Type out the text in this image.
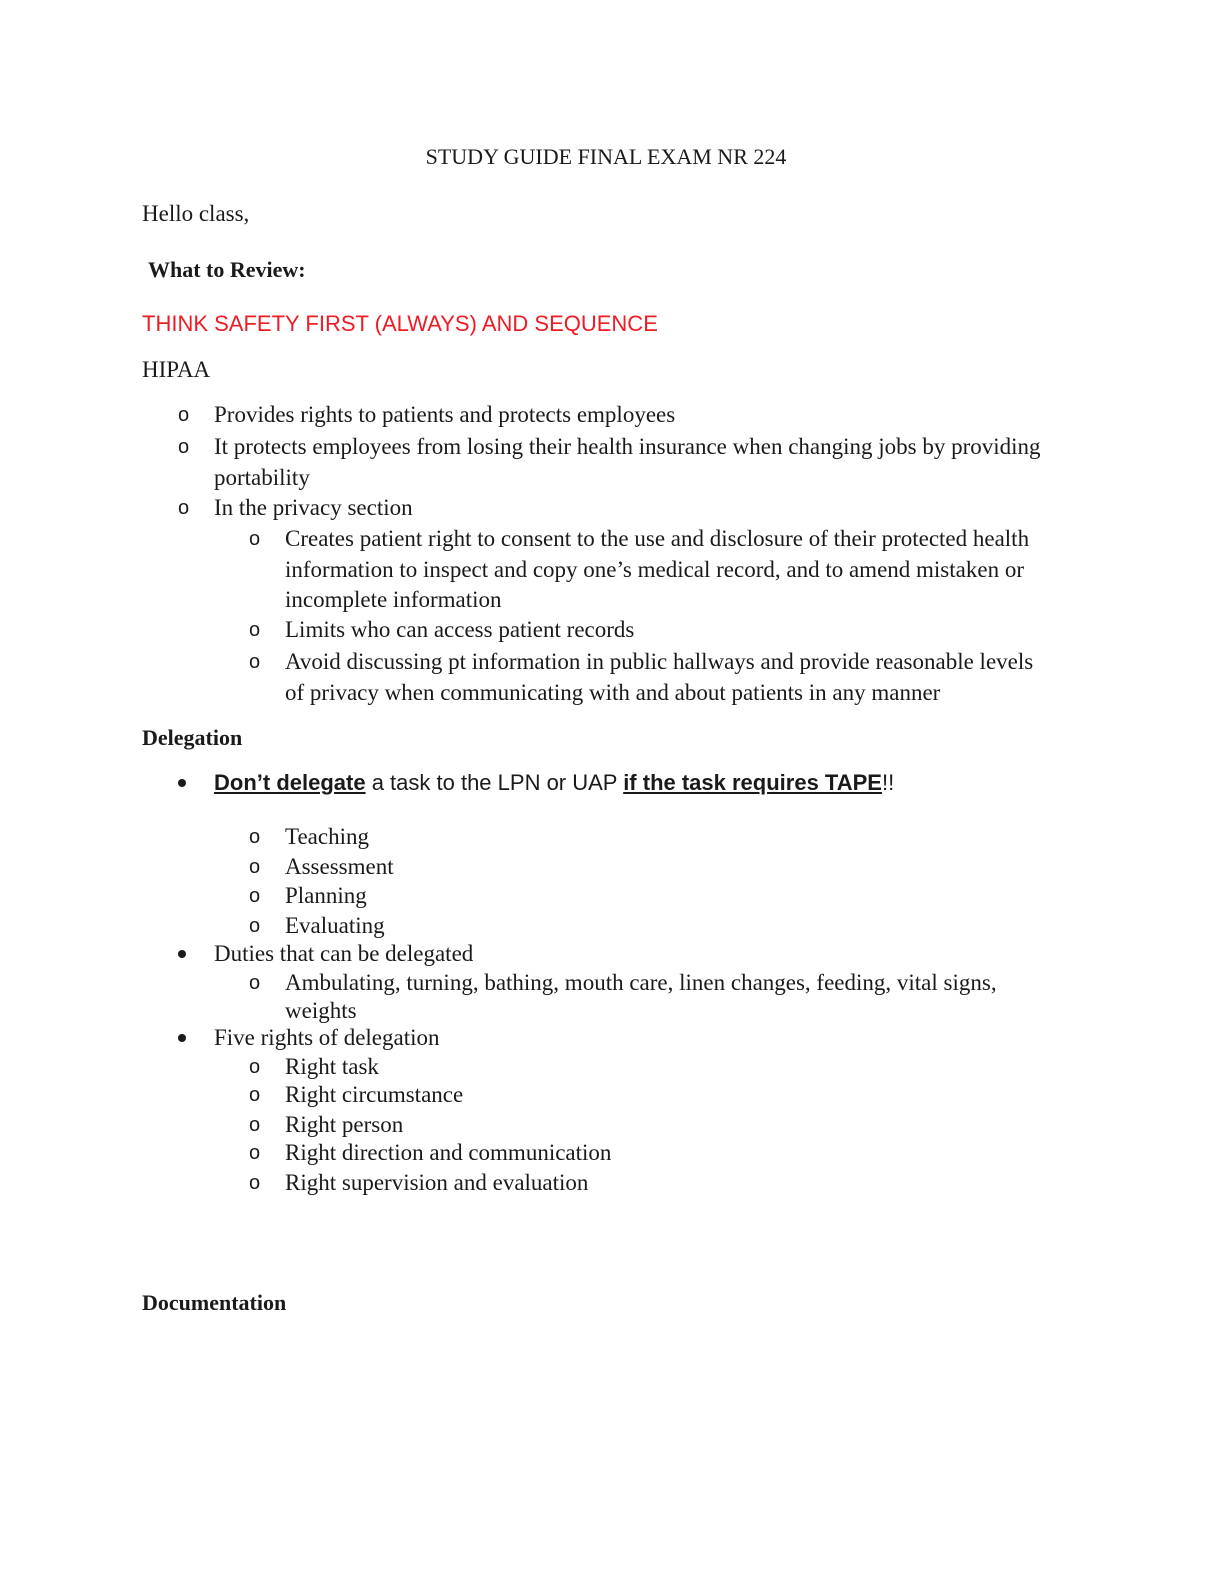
STUDY GUIDE FINAL EXAM NR 224
Hello class,
What to Review:
THINK SAFETY FIRST (ALWAYS) AND SEQUENCE
HIPAA
o Provides rights to patients and protects employees
o It protects employees from losing their health insurance when changing jobs by providing
portability
o In the privacy section
o Creates patient right to consent to the use and disclosure of their protected health
information to inspect and copy one’s medical record, and to amend mistaken or
incomplete information
o Limits who can access patient records
o Avoid discussing pt information in public hallways and provide reasonable levels
of privacy when communicating with and about patients in any manner
Delegation
Don’t delegate a task to the LPN or UAP if the task requires TAPE!!
o Teaching
o Assessment
o Planning
o Evaluating
Duties that can be delegated
o Ambulating, turning, bathing, mouth care, linen changes, feeding, vital signs,
weights
Five rights of delegation
o Right task
o Right circumstance
o Right person
o Right direction and communication
o Right supervision and evaluation
Documentation
